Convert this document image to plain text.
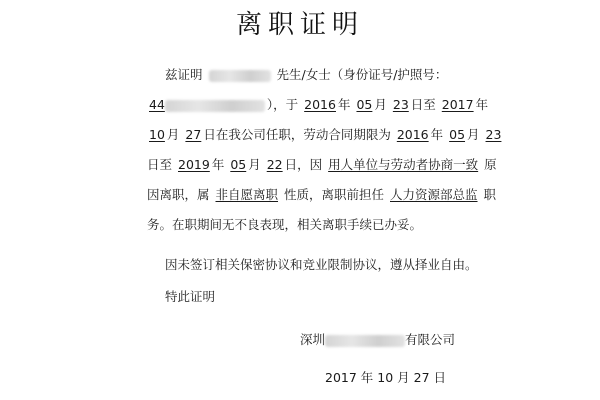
离职证明
兹证明	先生/女士（身份证号/护照号：
44	），于 2016 年 05 月 23 日至 2017 年
10 月 27 日在我公司任职，劳动合同期限为 2016 年 05 月 23
日至 2019 年 05 月 22 日，因 用人单位与劳动者协商一致 原
因离职，属 非自愿离职 性质，离职前担任 人力资源部总监 职
务。在职期间无不良表现，相关离职手续已办妥。
因未签订相关保密协议和竞业限制协议，遵从择业自由。
特此证明
深圳	有限公司
2017 年 10 月 27 日
